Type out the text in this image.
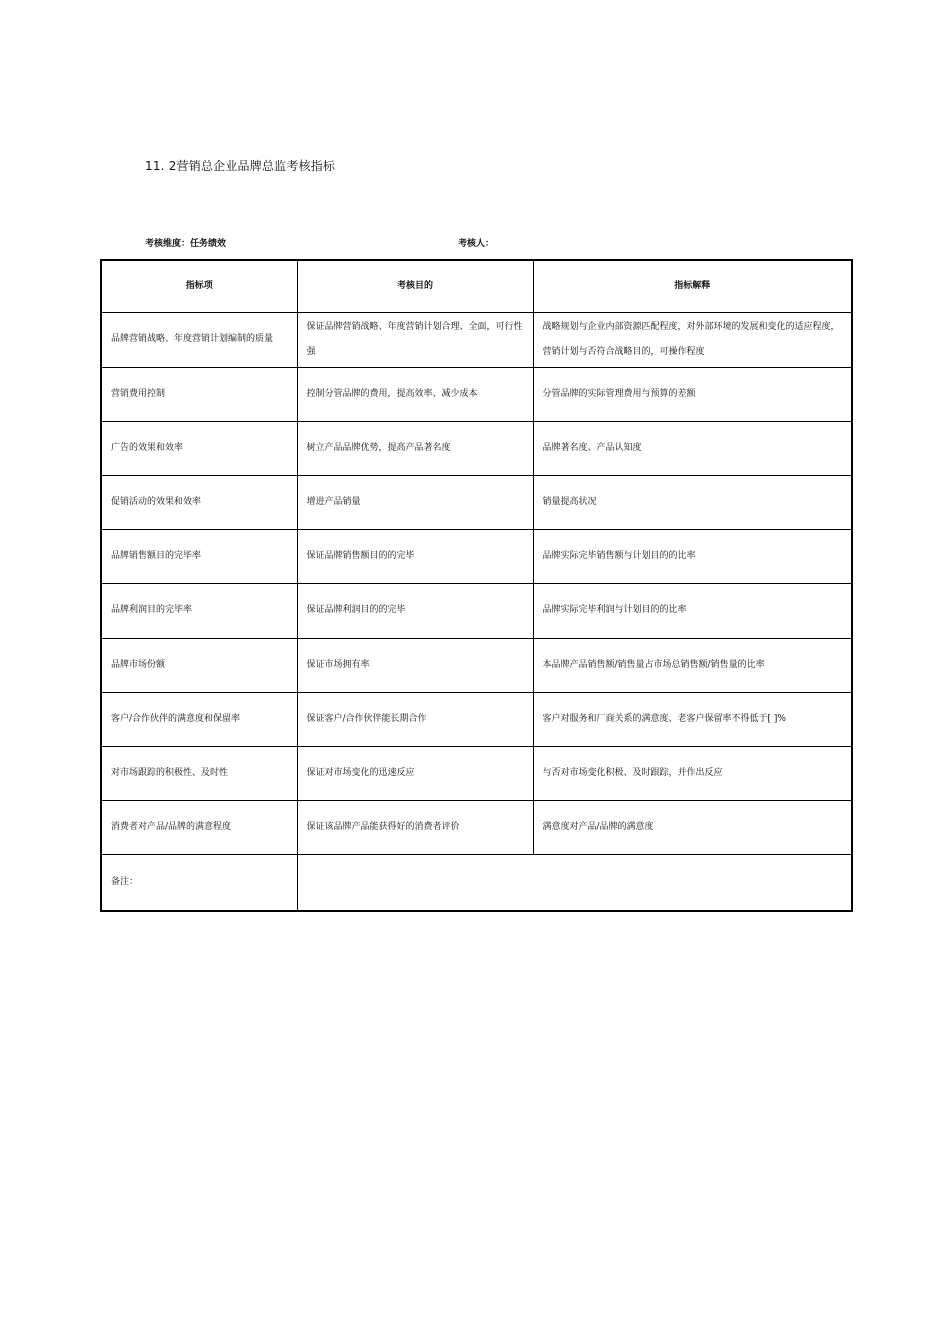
11. 2营销总企业品牌总监考核指标
考核维度：任务绩效	考核人：
指标项	考核目的	指标解释
品牌营销战略、年度营销计划编制的质量	保证品牌营销战略、年度营销计划合理、全面，可行性强	战略规划与企业内部资源匹配程度，对外部环境的发展和变化的适应程度，营销计划与否符合战略目的，可操作程度
营销费用控制	控制分管品牌的费用，提高效率、减少成本	分管品牌的实际管理费用与预算的差额
广告的效果和效率	树立产品品牌优势，提高产品著名度	品牌著名度、产品认知度
促销活动的效果和效率	增进产品销量	销量提高状况
品牌销售额目的完毕率	保证品牌销售额目的的完毕	品牌实际完毕销售额与计划目的的比率
品牌利润目的完毕率	保证品牌利润目的的完毕	品牌实际完毕利润与计划目的的比率
品牌市场份额	保证市场拥有率	本品牌产品销售额/销售量占市场总销售额/销售量的比率
客户/合作伙伴的满意度和保留率	保证客户/合作伙伴能长期合作	客户对服务和厂商关系的满意度、老客户保留率不得低于[ ]%
对市场跟踪的积极性、及时性	保证对市场变化的迅速反应	与否对市场变化积极、及时跟踪，并作出反应
消费者对产品/品牌的满意程度	保证该品牌产品能获得好的消费者评价	满意度对产品/品牌的满意度
备注：		
